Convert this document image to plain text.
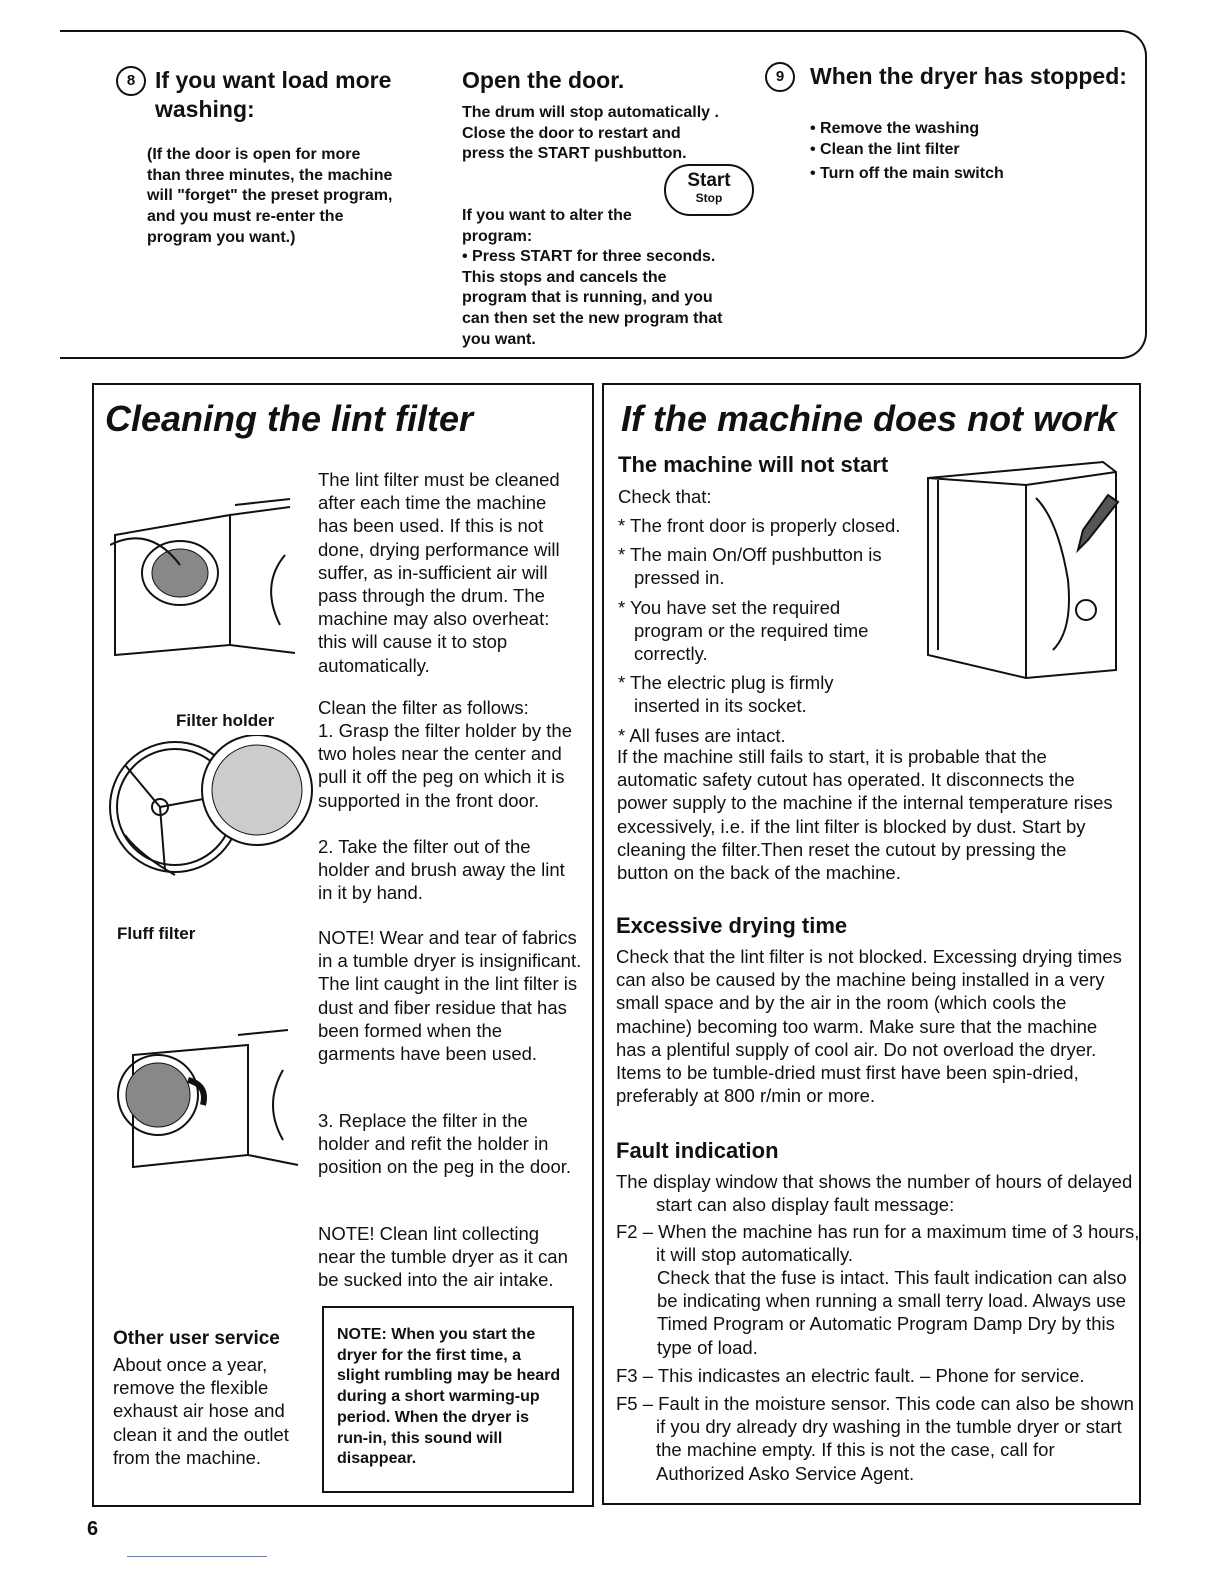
8 If you want load more washing:
(If the door is open for more than three minutes, the machine will "forget" the preset program, and you must re-enter the program you want.)
Open the door.
The drum will stop automatically . Close the door to restart and press the START pushbutton.
Start
Stop
If you want to alter the program:
• Press START for three seconds. This stops and cancels the program that is running, and you can then set the new program that you want.
9	When the dryer has stopped:
• Remove the washing
• Clean the lint filter
• Turn off the main switch
Cleaning the lint filter
The lint filter must be cleaned after each time the machine has been used. If this is not done, drying performance will suffer, as in-sufficient air will pass through the drum. The machine may also overheat: this will cause it to stop automatically.
Filter holder
Clean the filter as follows:
1. Grasp the filter holder by the two holes near the center and pull it off the peg on which it is supported in the front door.
2. Take the filter out of the holder and brush away the lint in it by hand.
Fluff filter	NOTE! Wear and tear of fabrics in a tumble dryer is insignificant. The lint caught in the lint filter is dust and fiber residue that has been formed when the garments have been used.
3. Replace the filter in the holder and refit the holder in position on the peg in the door.
NOTE! Clean lint collecting near the tumble dryer as it can be sucked into the air intake.
Other user service
About once a year, remove the flexible exhaust air hose and clean it and the outlet from the machine.
NOTE: When you start the dryer for the first time, a slight rumbling may be heard during a short warming-up period. When the dryer is run-in, this sound will disappear.
If the machine does not work
The machine will not start
Check that:
* The front door is properly closed.
* The main On/Off pushbutton is pressed in.
* You have set the required program or the required time correctly.
* The electric plug is firmly inserted in its socket.
* All fuses are intact.
If the machine still fails to start, it is probable that the automatic safety cutout has operated. It disconnects the power supply to the machine if the internal temperature rises excessively, i.e. if the lint filter is blocked by dust. Start by cleaning the filter.Then reset the cutout by pressing the button on the back of the machine.
Excessive drying time
Check that the lint filter is not blocked. Excessing drying times can also be caused by the machine being installed in a very small space and by the air in the room (which cools the machine) becoming too warm. Make sure that the machine has a plentiful supply of cool air. Do not overload the dryer. Items to be tumble-dried must first have been spin-dried, preferably at 800 r/min or more.
Fault indication
The display window that shows the number of hours of delayed start can also display fault message:
F2 – When the machine has run for a maximum time of 3 hours, it will stop automatically.
Check that the fuse is intact. This fault indication can also be indicating when running a small terry load. Always use Timed Program or Automatic Program Damp Dry by this type of load.
F3 – This indicastes an electric fault. – Phone for service.
F5 – Fault in the moisture sensor. This code can also be shown if you dry already dry washing in the tumble dryer or start the machine empty. If this is not the case, call for Authorized Asko Service Agent.
6
